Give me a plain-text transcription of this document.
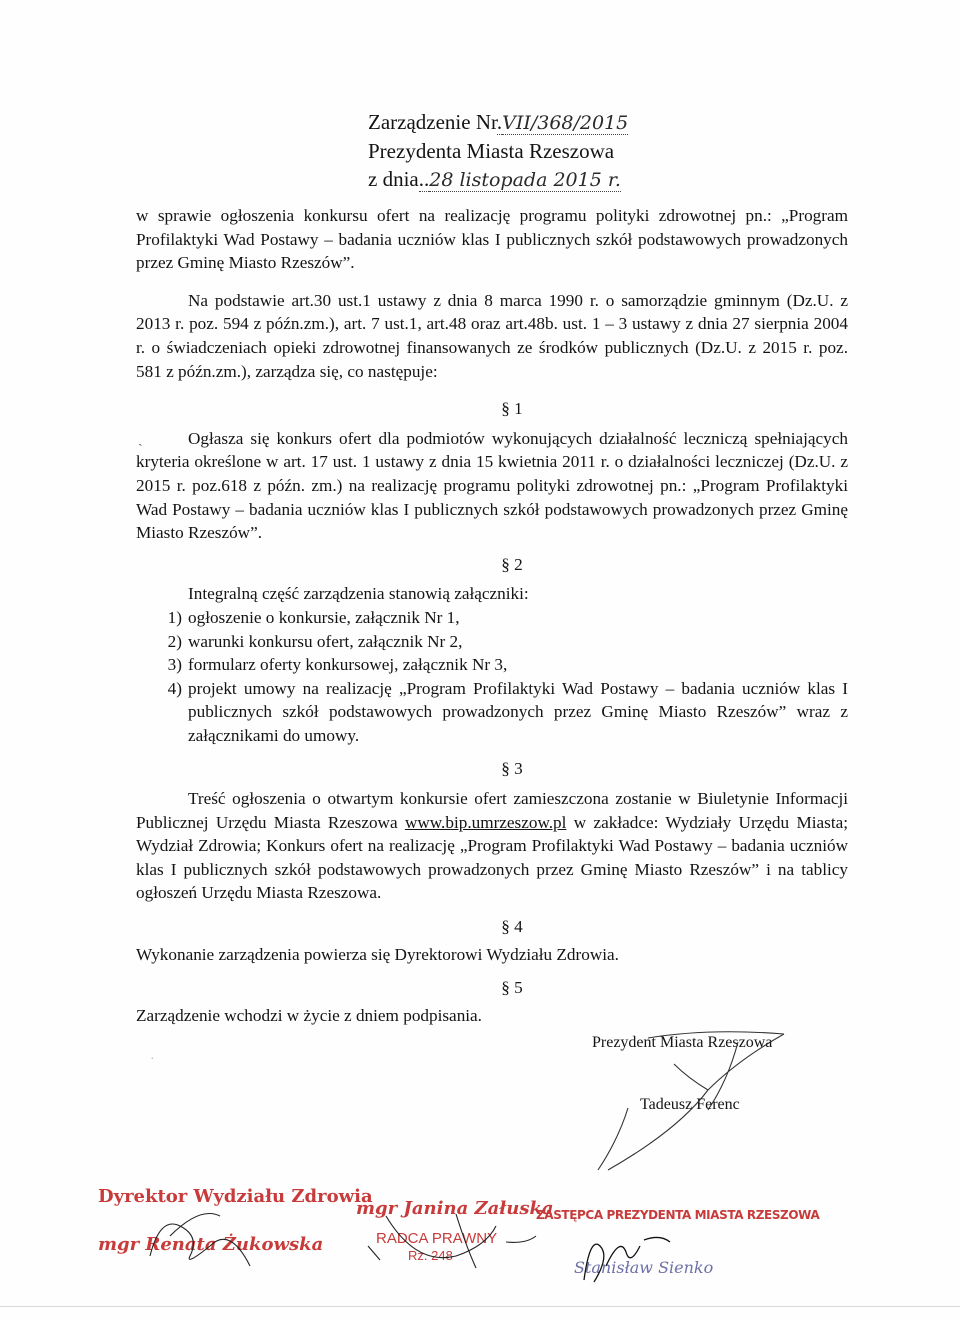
Zarządzenie Nr.VII/368/2015
Prezydenta Miasta Rzeszowa
z dnia..28 listopada 2015 r.

w sprawie ogłoszenia konkursu ofert na realizację programu polityki zdrowotnej pn.: „Program Profilaktyki Wad Postawy – badania uczniów klas I publicznych szkół podstawowych prowadzonych przez Gminę Miasto Rzeszów”.

Na podstawie art.30 ust.1 ustawy z dnia 8 marca 1990 r. o samorządzie gminnym (Dz.U. z 2013 r. poz. 594 z późn.zm.), art. 7 ust.1, art.48 oraz art.48b. ust. 1 – 3 ustawy z dnia 27 sierpnia 2004 r. o świadczeniach opieki zdrowotnej finansowanych ze środków publicznych (Dz.U. z 2015 r. poz. 581 z późn.zm.), zarządza się, co następuje:

§ 1

Ogłasza się konkurs ofert dla podmiotów wykonujących działalność leczniczą spełniających kryteria określone w art. 17 ust. 1 ustawy z dnia 15 kwietnia 2011 r. o działalności leczniczej (Dz.U. z 2015 r. poz.618 z późn. zm.) na realizację programu polityki zdrowotnej pn.: „Program Profilaktyki Wad Postawy – badania uczniów klas I publicznych szkół podstawowych prowadzonych przez Gminę Miasto Rzeszów”.

§ 2

Integralną część zarządzenia stanowią załączniki:

1) ogłoszenie o konkursie, załącznik Nr 1,
2) warunki konkursu ofert, załącznik Nr 2,
3) formularz oferty konkursowej, załącznik Nr 3,
4) projekt umowy na realizację „Program Profilaktyki Wad Postawy – badania uczniów klas I publicznych szkół podstawowych prowadzonych przez Gminę Miasto Rzeszów” wraz z załącznikami do umowy.
§ 3

Treść ogłoszenia o otwartym konkursie ofert zamieszczona zostanie w Biuletynie Informacji Publicznej Urzędu Miasta Rzeszowa www.bip.umrzeszow.pl w zakładce: Wydziały Urzędu Miasta; Wydział Zdrowia; Konkurs ofert na realizację „Program Profilaktyki Wad Postawy – badania uczniów klas I publicznych szkół podstawowych prowadzonych przez Gminę Miasto Rzeszów” i na tablicy ogłoszeń Urzędu Miasta Rzeszowa.

§ 4

Wykonanie zarządzenia powierza się Dyrektorowi Wydziału Zdrowia.

§ 5

Zarządzenie wchodzi w życie z dniem podpisania.

Prezydent Miasta Rzeszowa
Tadeusz Ferenc
Dyrektor Wydziału Zdrowia
mgr Renata Żukowska
mgr Janina Załuska
RADCA PRAWNY
Rz. 248
ZASTĘPCA PREZYDENTA MIASTA RZESZOWA
Stanisław Sienko
ˎ
·
